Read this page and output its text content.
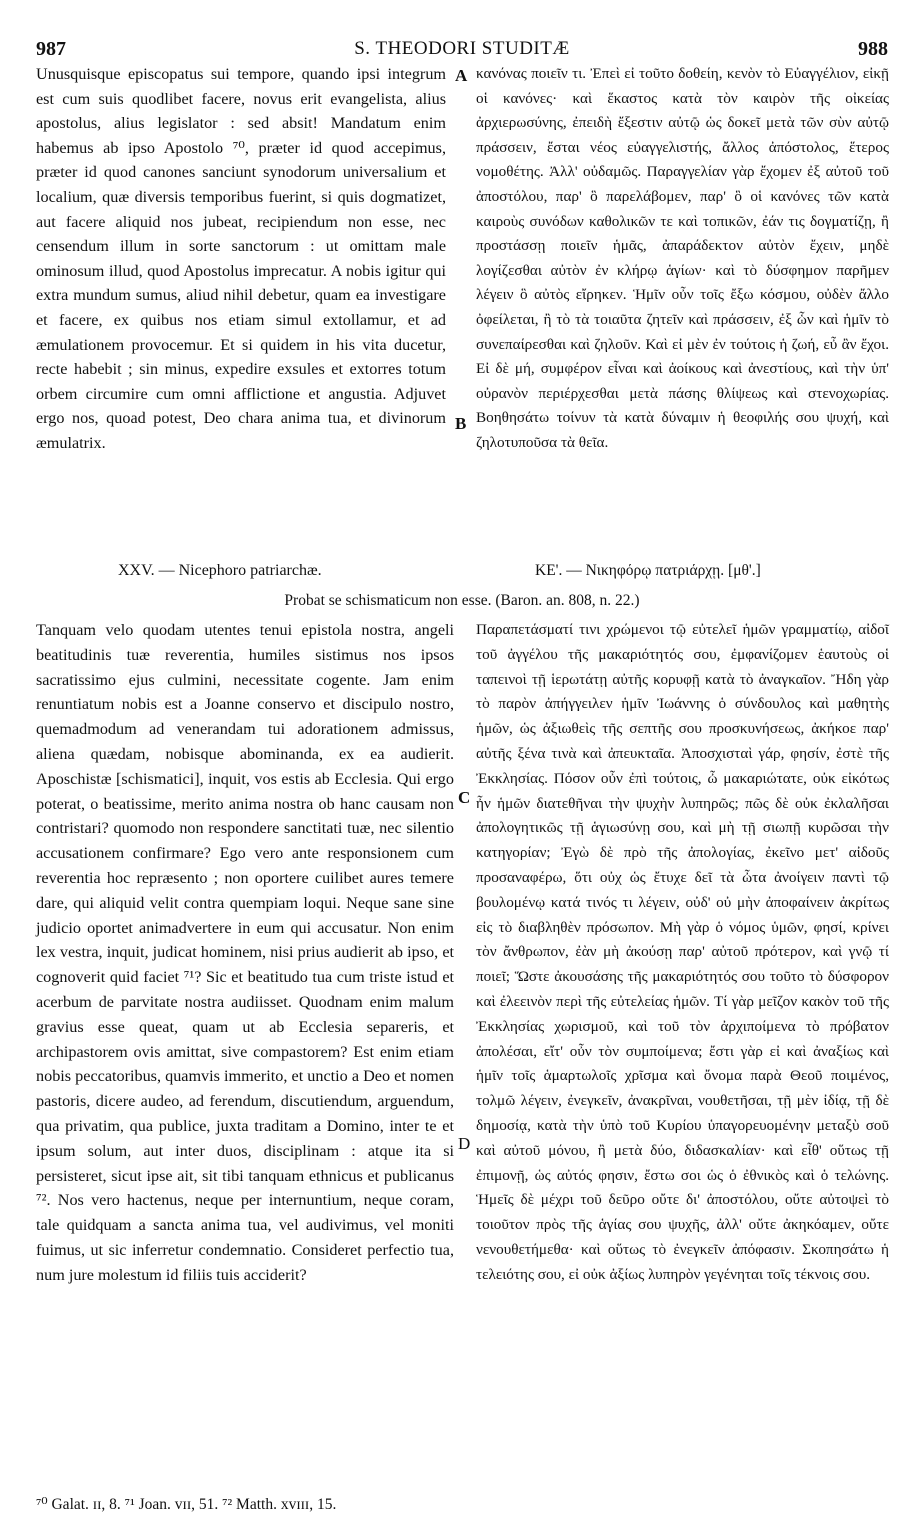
987	S. THEODORI STUDITÆ	988

Unusquisque episcopatus sui tempore, quando ipsi integrum est cum suis quodlibet facere, novus erit evangelista, alius apostolus, alius legislator : sed absit! Mandatum enim habemus ab ipso Apostolo ⁷⁰, præter id quod accepimus, præter id quod canones sanciunt synodorum universalium et localium, quæ diversis temporibus fuerint, si quis dogmatizet, aut facere aliquid nos jubeat, recipiendum non esse, nec censendum illum in sorte sanctorum : ut omittam male ominosum illud, quod Apostolus imprecatur. A nobis igitur qui extra mundum sumus, aliud nihil debetur, quam ea investigare et facere, ex quibus nos etiam simul extollamur, et ad æmulationem provocemur. Et si quidem in his vita ducetur, recte habebit ; sin minus, expedire exsules et extorres totum orbem circumire cum omni afflictione et angustia. Adjuvet ergo nos, quoad potest, Deo chara anima tua, et divinorum æmulatrix.

κανόνας ποιεῖν τι. Ἐπεὶ εἰ τοῦτο δοθείη, κενὸν τὸ Εὐαγγέλιον, εἰκῇ οἱ κανόνες· καὶ ἕκαστος κατὰ τὸν καιρὸν τῆς οἰκείας ἀρχιερωσύνης, ἐπειδὴ ἔξεστιν αὐτῷ ὡς δοκεῖ μετὰ τῶν σὺν αὐτῷ πράσσειν, ἔσται νέος εὐαγγελιστής, ἄλλος ἀπόστολος, ἕτερος νομοθέτης. Ἀλλ' οὐδαμῶς. Παραγγελίαν γὰρ ἔχομεν ἐξ αὐτοῦ τοῦ ἀποστόλου, παρ' ὃ παρελάβομεν, παρ' ὃ οἱ κανόνες τῶν κατὰ καιροὺς συνόδων καθολικῶν τε καὶ τοπικῶν, ἐάν τις δογματίζῃ, ἢ προστάσσῃ ποιεῖν ἡμᾶς, ἀπαράδεκτον αὐτὸν ἔχειν, μηδὲ λογίζεσθαι αὐτὸν ἐν κλήρῳ ἁγίων· καὶ τὸ δύσφημον παρῆμεν λέγειν ὃ αὐτὸς εἴρηκεν. Ἡμῖν οὖν τοῖς ἔξω κόσμου, οὐδὲν ἄλλο ὀφείλεται, ἢ τὸ τὰ τοιαῦτα ζητεῖν καὶ πράσσειν, ἐξ ὧν καὶ ἡμῖν τὸ συνεπαίρεσθαι καὶ ζηλοῦν. Καὶ εἰ μὲν ἐν τούτοις ἡ ζωή, εὖ ἂν ἔχοι. Εἰ δὲ μή, συμφέρον εἶναι καὶ ἀοίκους καὶ ἀνεστίους, καὶ τὴν ὑπ' οὐρανὸν περιέρχεσθαι μετὰ πάσης θλίψεως καὶ στενοχωρίας. Βοηθησάτω τοίνυν τὰ κατὰ δύναμιν ἡ θεοφιλής σου ψυχή, καὶ ζηλοτυποῦσα τὰ θεῖα.

A
B
XXV. — Nicephoro patriarchæ.	ΚΕ'. — Νικηφόρῳ πατριάρχῃ. [μθ'.]
Probat se schismaticum non esse. (Baron. an. 808, n. 22.)

Tanquam velo quodam utentes tenui epistola nostra, angeli beatitudinis tuæ reverentia, humiles sistimus nos ipsos sacratissimo ejus culmini, necessitate cogente. Jam enim renuntiatum nobis est a Joanne conservo et discipulo nostro, quemadmodum ad venerandam tui adorationem admissus, aliena quædam, nobisque abominanda, ex ea audierit. Aposchistæ [schismatici], inquit, vos estis ab Ecclesia. Qui ergo poterat, o beatissime, merito anima nostra ob hanc causam non contristari? quomodo non respondere sanctitati tuæ, nec silentio accusationem confirmare? Ego vero ante responsionem cum reverentia hoc repræsento ; non oportere cuilibet aures temere dare, qui aliquid velit contra quempiam loqui. Neque sane sine judicio oportet animadvertere in eum qui accusatur. Non enim lex vestra, inquit, judicat hominem, nisi prius audierit ab ipso, et cognoverit quid faciet ⁷¹? Sic et beatitudo tua cum triste istud et acerbum de parvitate nostra audiisset. Quodnam enim malum gravius esse queat, quam ut ab Ecclesia separeris, et archipastorem ovis amittat, sive compastorem? Est enim etiam nobis peccatoribus, quamvis immerito, et unctio a Deo et nomen pastoris, dicere audeo, ad ferendum, discutiendum, arguendum, qua privatim, qua publice, juxta traditam a Domino, inter te et ipsum solum, aut inter duos, disciplinam : atque ita si persisteret, sicut ipse ait, sit tibi tanquam ethnicus et publicanus ⁷². Nos vero hactenus, neque per internuntium, neque coram, tale quidquam a sancta anima tua, vel audivimus, vel moniti fuimus, ut sic inferretur condemnatio. Consideret perfectio tua, num jure molestum id filiis tuis acciderit?

Παραπετάσματί τινι χρώμενοι τῷ εὐτελεῖ ἡμῶν γραμματίῳ, αἰδοῖ τοῦ ἀγγέλου τῆς μακαριότητός σου, ἐμφανίζομεν ἑαυτοὺς οἱ ταπεινοὶ τῇ ἱερωτάτῃ αὐτῆς κορυφῇ κατὰ τὸ ἀναγκαῖον. Ἤδη γὰρ τὸ παρὸν ἀπήγγειλεν ἡμῖν Ἰωάννης ὁ σύνδουλος καὶ μαθητὴς ἡμῶν, ὡς ἀξιωθεὶς τῆς σεπτῆς σου προσκυνήσεως, ἀκήκοε παρ' αὐτῆς ξένα τινὰ καὶ ἀπευκταῖα. Ἀποσχισταὶ γάρ, φησίν, ἐστὲ τῆς Ἐκκλησίας. Πόσον οὖν ἐπὶ τούτοις, ὦ μακαριώτατε, οὐκ εἰκότως ἦν ἡμῶν διατεθῆναι τὴν ψυχὴν λυπηρῶς; πῶς δὲ οὐκ ἐκλαλῆσαι ἀπολογητικῶς τῇ ἁγιωσύνῃ σου, καὶ μὴ τῇ σιωπῇ κυρῶσαι τὴν κατηγορίαν; Ἐγὼ δὲ πρὸ τῆς ἀπολογίας, ἐκεῖνο μετ' αἰδοῦς προσαναφέρω, ὅτι οὐχ ὡς ἔτυχε δεῖ τὰ ὦτα ἀνοίγειν παντὶ τῷ βουλομένῳ κατά τινός τι λέγειν, οὐδ' οὐ μὴν ἀποφαίνειν ἀκρίτως εἰς τὸ διαβληθὲν πρόσωπον. Μὴ γὰρ ὁ νόμος ὑμῶν, φησί, κρίνει τὸν ἄνθρωπον, ἐὰν μὴ ἀκούσῃ παρ' αὐτοῦ πρότερον, καὶ γνῷ τί ποιεῖ; Ὥστε ἀκουσάσης τῆς μακαριότητός σου τοῦτο τὸ δύσφορον καὶ ἐλεεινὸν περὶ τῆς εὐτελείας ἡμῶν. Τί γὰρ μεῖζον κακὸν τοῦ τῆς Ἐκκλησίας χωρισμοῦ, καὶ τοῦ τὸν ἀρχιποίμενα τὸ πρόβατον ἀπολέσαι, εἴτ' οὖν τὸν συμποίμενα; ἔστι γὰρ εἰ καὶ ἀναξίως καὶ ἡμῖν τοῖς ἁμαρτωλοῖς χρῖσμα καὶ ὄνομα παρὰ Θεοῦ ποιμένος, τολμῶ λέγειν, ἐνεγκεῖν, ἀνακρῖναι, νουθετῆσαι, τῇ μὲν ἰδίᾳ, τῇ δὲ δημοσίᾳ, κατὰ τὴν ὑπὸ τοῦ Κυρίου ὑπαγορευομένην μεταξὺ σοῦ καὶ αὐτοῦ μόνου, ἢ μετὰ δύο, διδασκαλίαν· καὶ εἶθ' οὕτως τῇ ἐπιμονῇ, ὡς αὐτός φησιν, ἔστω σοι ὡς ὁ ἐθνικὸς καὶ ὁ τελώνης. Ἡμεῖς δὲ μέχρι τοῦ δεῦρο οὔτε δι' ἀποστόλου, οὔτε αὐτοψεὶ τὸ τοιοῦτον πρὸς τῆς ἁγίας σου ψυχῆς, ἀλλ' οὔτε ἀκηκόαμεν, οὔτε νενουθετήμεθα· καὶ οὕτως τὸ ἐνεγκεῖν ἀπόφασιν. Σκοπησάτω ἡ τελειότης σου, εἰ οὐκ ἀξίως λυπηρὸν γεγένηται τοῖς τέκνοις σου.

C
D
⁷⁰ Galat. ɪɪ, 8. ⁷¹ Joan. ᴠɪɪ, 51. ⁷² Matth. xᴠɪɪɪ, 15.
